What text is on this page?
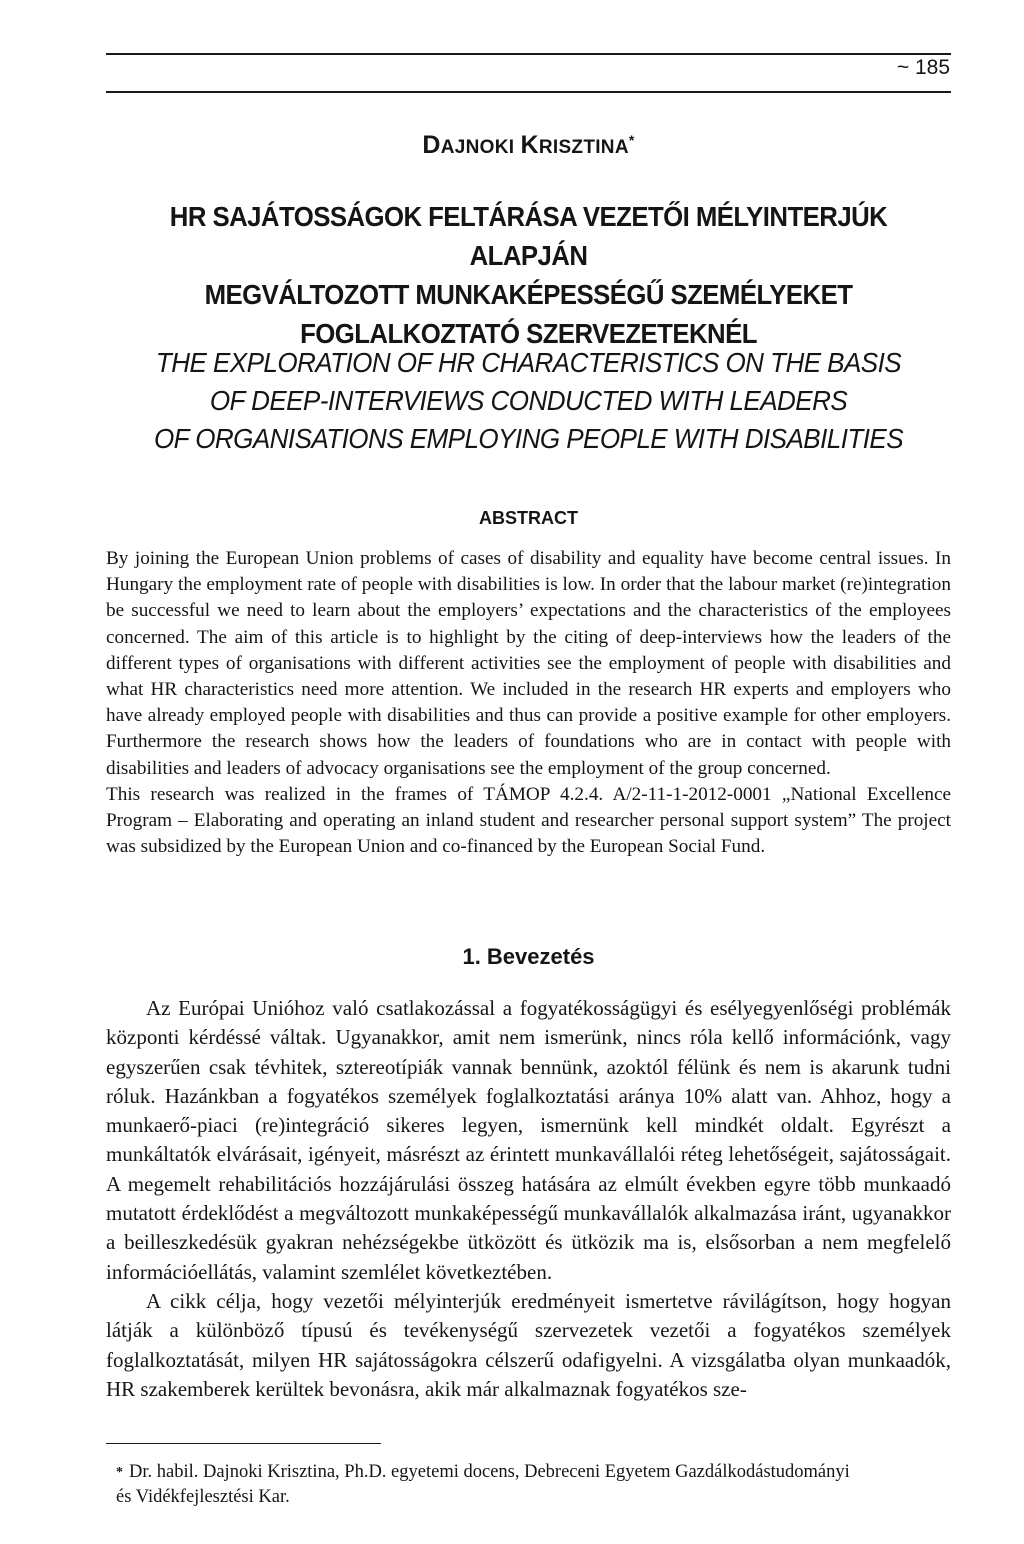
~ 185
DAJNOKI KRISZTINA*
HR SAJÁTOSSÁGOK FELTÁRÁSA VEZETŐI MÉLYINTERJÚK ALAPJÁN
MEGVÁLTOZOTT MUNKAKÉPESSÉGŰ SZEMÉLYEKET
FOGLALKOZTATÓ SZERVEZETEKNÉL
THE EXPLORATION OF HR CHARACTERISTICS ON THE BASIS
OF DEEP-INTERVIEWS CONDUCTED WITH LEADERS
OF ORGANISATIONS EMPLOYING PEOPLE WITH DISABILITIES
ABSTRACT

By joining the European Union problems of cases of disability and equality have become central issues. In Hungary the employment rate of people with disabilities is low. In order that the labour market (re)integration be successful we need to learn about the employers’ expectations and the characteristics of the employees concerned. The aim of this article is to highlight by the citing of deep-interviews how the leaders of the different types of organisations with different activities see the employment of people with disabilities and what HR characteristics need more attention. We included in the research HR experts and employers who have already employed people with disabilities and thus can provide a positive example for other employers. Furthermore the research shows how the leaders of foundations who are in contact with people with disabilities and leaders of advocacy organisations see the employment of the group concerned.

This research was realized in the frames of TÁMOP 4.2.4. A/2-11-1-2012-0001 „National Excellence Program – Elaborating and operating an inland student and researcher personal support system” The project was subsidized by the European Union and co-financed by the European Social Fund.

1. Bevezetés

Az Európai Unióhoz való csatlakozással a fogyatékosságügyi és esélyegyenlőségi problémák központi kérdéssé váltak. Ugyanakkor, amit nem ismerünk, nincs róla kellő információnk, vagy egyszerűen csak tévhitek, sztereotípiák vannak bennünk, azoktól félünk és nem is akarunk tudni róluk. Hazánkban a fogyatékos személyek foglalkoztatási aránya 10% alatt van. Ahhoz, hogy a munkaerő-piaci (re)integráció sikeres legyen, ismernünk kell mindkét oldalt. Egyrészt a munkáltatók elvárásait, igényeit, másrészt az érintett munkavállalói réteg lehetőségeit, sajátosságait. A megemelt rehabilitációs hozzájárulási összeg hatására az elmúlt években egyre több munkaadó mutatott érdeklődést a megváltozott munkaképességű munkavállalók alkalmazása iránt, ugyanakkor a beilleszkedésük gyakran nehézségekbe ütközött és ütközik ma is, elsősorban a nem megfelelő információellátás, valamint szemlélet következtében.

A cikk célja, hogy vezetői mélyinterjúk eredményeit ismertetve rávilágítson, hogy hogyan látják a különböző típusú és tevékenységű szervezetek vezetői a fogyatékos személyek foglalkoztatását, milyen HR sajátosságokra célszerű odafigyelni. A vizsgálatba olyan munkaadók, HR szakemberek kerültek bevonásra, akik már alkalmaznak fogyatékos sze-

* Dr. habil. Dajnoki Krisztina, Ph.D. egyetemi docens, Debreceni Egyetem Gazdálkodástudományi
és Vidékfejlesztési Kar.
